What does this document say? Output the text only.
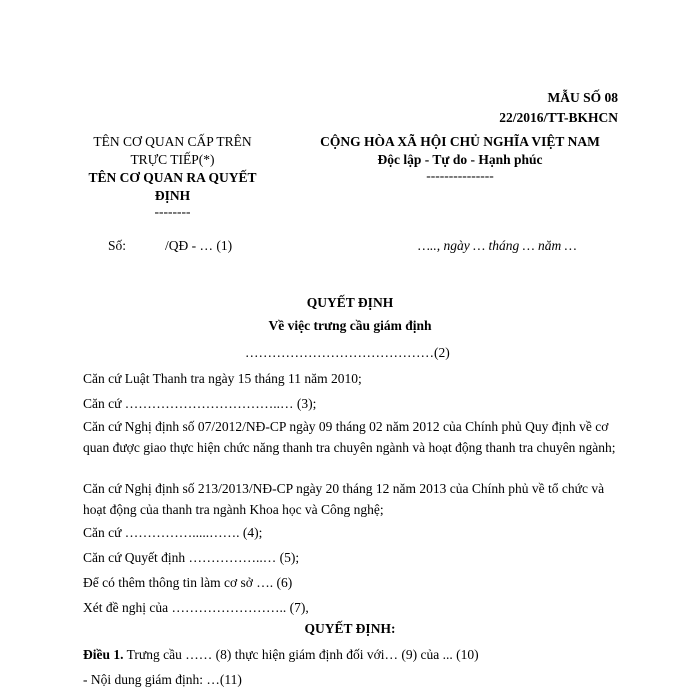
MẪU SỐ 08
22/2016/TT-BKHCN
TÊN CƠ QUAN CẤP TRÊN
TRỰC TIẾP(*)
TÊN CƠ QUAN RA QUYẾT
ĐỊNH
--------
CỘNG HÒA XÃ HỘI CHỦ NGHĨA VIỆT NAM
Độc lập - Tự do - Hạnh phúc
---------------
Số:	/QĐ - … (1)	….., ngày … tháng … năm …
QUYẾT ĐỊNH
Về việc trưng cầu giám định
……………………………………(2)
Căn cứ Luật Thanh tra ngày 15 tháng 11 năm 2010;
Căn cứ ……………………………..… (3);
Căn cứ Nghị định số 07/2012/NĐ-CP ngày 09 tháng 02 năm 2012 của Chính phủ Quy định về cơ quan được giao thực hiện chức năng thanh tra chuyên ngành và hoạt động thanh tra chuyên ngành;
Căn cứ Nghị định số 213/2013/NĐ-CP ngày 20 tháng 12 năm 2013 của Chính phủ về tổ chức và hoạt động của thanh tra ngành Khoa học và Công nghệ;
Căn cứ …………….....……. (4);
Căn cứ Quyết định ……………..… (5);
Để có thêm thông tin làm cơ sở …. (6)
Xét đề nghị của …………………….. (7),
QUYẾT ĐỊNH:
Điều 1. Trưng cầu …… (8) thực hiện giám định đối với… (9) của ... (10)
- Nội dung giám định: …(11)
